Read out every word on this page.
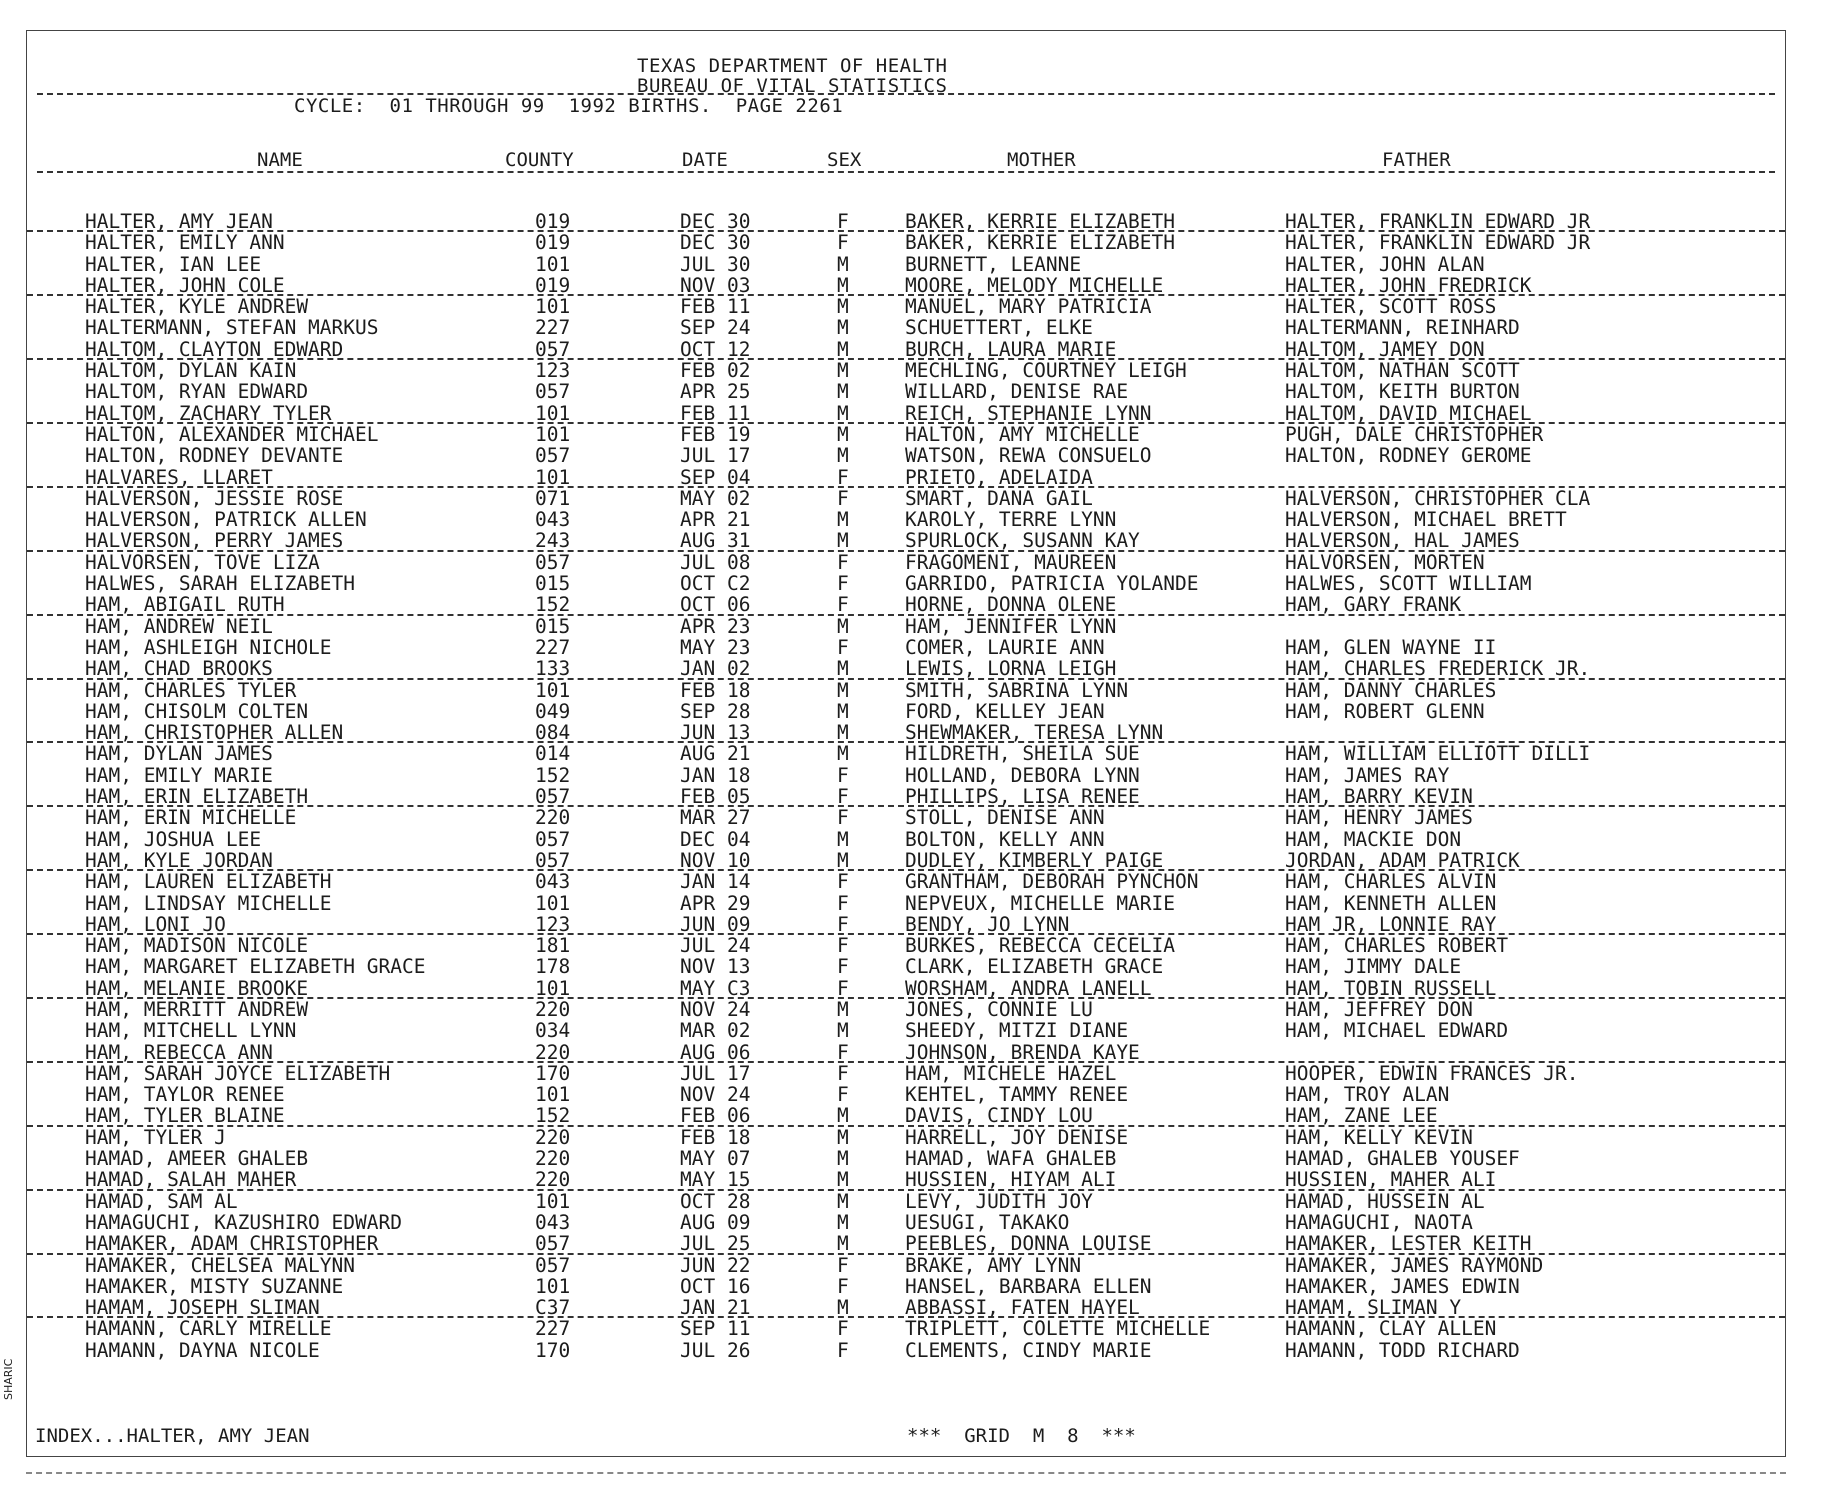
TEXAS DEPARTMENT OF HEALTH
BUREAU OF VITAL STATISTICS
CYCLE:  01 THROUGH 99  1992 BIRTHS.  PAGE 2261
NAME	COUNTY	DATE	SEX	MOTHER	FATHER
HALTER, AMY JEAN	019	DEC 30	F	BAKER, KERRIE ELIZABETH	HALTER, FRANKLIN EDWARD JR
HALTER, EMILY ANN	019	DEC 30	F	BAKER, KERRIE ELIZABETH	HALTER, FRANKLIN EDWARD JR
HALTER, IAN LEE	101	JUL 30	M	BURNETT, LEANNE	HALTER, JOHN ALAN
HALTER, JOHN COLE	019	NOV 03	M	MOORE, MELODY MICHELLE	HALTER, JOHN FREDRICK
HALTER, KYLE ANDREW	101	FEB 11	M	MANUEL, MARY PATRICIA	HALTER, SCOTT ROSS
HALTERMANN, STEFAN MARKUS	227	SEP 24	M	SCHUETTERT, ELKE	HALTERMANN, REINHARD
HALTOM, CLAYTON EDWARD	057	OCT 12	M	BURCH, LAURA MARIE	HALTOM, JAMEY DON
HALTOM, DYLAN KAIN	123	FEB 02	M	MECHLING, COURTNEY LEIGH	HALTOM, NATHAN SCOTT
HALTOM, RYAN EDWARD	057	APR 25	M	WILLARD, DENISE RAE	HALTOM, KEITH BURTON
HALTOM, ZACHARY TYLER	101	FEB 11	M	REICH, STEPHANIE LYNN	HALTOM, DAVID MICHAEL
HALTON, ALEXANDER MICHAEL	101	FEB 19	M	HALTON, AMY MICHELLE	PUGH, DALE CHRISTOPHER
HALTON, RODNEY DEVANTE	057	JUL 17	M	WATSON, REWA CONSUELO	HALTON, RODNEY GEROME
HALVARES, LLARET	101	SEP 04	F	PRIETO, ADELAIDA
HALVERSON, JESSIE ROSE	071	MAY 02	F	SMART, DANA GAIL	HALVERSON, CHRISTOPHER CLA
HALVERSON, PATRICK ALLEN	043	APR 21	M	KAROLY, TERRE LYNN	HALVERSON, MICHAEL BRETT
HALVERSON, PERRY JAMES	243	AUG 31	M	SPURLOCK, SUSANN KAY	HALVERSON, HAL JAMES
HALVORSEN, TOVE LIZA	057	JUL 08	F	FRAGOMENI, MAUREEN	HALVORSEN, MORTEN
HALWES, SARAH ELIZABETH	015	OCT C2	F	GARRIDO, PATRICIA YOLANDE	HALWES, SCOTT WILLIAM
HAM, ABIGAIL RUTH	152	OCT 06	F	HORNE, DONNA OLENE	HAM, GARY FRANK
HAM, ANDREW NEIL	015	APR 23	M	HAM, JENNIFER LYNN
HAM, ASHLEIGH NICHOLE	227	MAY 23	F	COMER, LAURIE ANN	HAM, GLEN WAYNE II
HAM, CHAD BROOKS	133	JAN 02	M	LEWIS, LORNA LEIGH	HAM, CHARLES FREDERICK JR.
HAM, CHARLES TYLER	101	FEB 18	M	SMITH, SABRINA LYNN	HAM, DANNY CHARLES
HAM, CHISOLM COLTEN	049	SEP 28	M	FORD, KELLEY JEAN	HAM, ROBERT GLENN
HAM, CHRISTOPHER ALLEN	084	JUN 13	M	SHEWMAKER, TERESA LYNN
HAM, DYLAN JAMES	014	AUG 21	M	HILDRETH, SHEILA SUE	HAM, WILLIAM ELLIOTT DILLI
HAM, EMILY MARIE	152	JAN 18	F	HOLLAND, DEBORA LYNN	HAM, JAMES RAY
HAM, ERIN ELIZABETH	057	FEB 05	F	PHILLIPS, LISA RENEE	HAM, BARRY KEVIN
HAM, ERIN MICHELLE	220	MAR 27	F	STOLL, DENISE ANN	HAM, HENRY JAMES
HAM, JOSHUA LEE	057	DEC 04	M	BOLTON, KELLY ANN	HAM, MACKIE DON
HAM, KYLE JORDAN	057	NOV 10	M	DUDLEY, KIMBERLY PAIGE	JORDAN, ADAM PATRICK
HAM, LAUREN ELIZABETH	043	JAN 14	F	GRANTHAM, DEBORAH PYNCHON	HAM, CHARLES ALVIN
HAM, LINDSAY MICHELLE	101	APR 29	F	NEPVEUX, MICHELLE MARIE	HAM, KENNETH ALLEN
HAM, LONI JO	123	JUN 09	F	BENDY, JO LYNN	HAM JR, LONNIE RAY
HAM, MADISON NICOLE	181	JUL 24	F	BURKES, REBECCA CECELIA	HAM, CHARLES ROBERT
HAM, MARGARET ELIZABETH GRACE	178	NOV 13	F	CLARK, ELIZABETH GRACE	HAM, JIMMY DALE
HAM, MELANIE BROOKE	101	MAY C3	F	WORSHAM, ANDRA LANELL	HAM, TOBIN RUSSELL
HAM, MERRITT ANDREW	220	NOV 24	M	JONES, CONNIE LU	HAM, JEFFREY DON
HAM, MITCHELL LYNN	034	MAR 02	M	SHEEDY, MITZI DIANE	HAM, MICHAEL EDWARD
HAM, REBECCA ANN	220	AUG 06	F	JOHNSON, BRENDA KAYE
HAM, SARAH JOYCE ELIZABETH	170	JUL 17	F	HAM, MICHELE HAZEL	HOOPER, EDWIN FRANCES JR.
HAM, TAYLOR RENEE	101	NOV 24	F	KEHTEL, TAMMY RENEE	HAM, TROY ALAN
HAM, TYLER BLAINE	152	FEB 06	M	DAVIS, CINDY LOU	HAM, ZANE LEE
HAM, TYLER J	220	FEB 18	M	HARRELL, JOY DENISE	HAM, KELLY KEVIN
HAMAD, AMEER GHALEB	220	MAY 07	M	HAMAD, WAFA GHALEB	HAMAD, GHALEB YOUSEF
HAMAD, SALAH MAHER	220	MAY 15	M	HUSSIEN, HIYAM ALI	HUSSIEN, MAHER ALI
HAMAD, SAM AL	101	OCT 28	M	LEVY, JUDITH JOY	HAMAD, HUSSEIN AL
HAMAGUCHI, KAZUSHIRO EDWARD	043	AUG 09	M	UESUGI, TAKAKO	HAMAGUCHI, NAOTA
HAMAKER, ADAM CHRISTOPHER	057	JUL 25	M	PEEBLES, DONNA LOUISE	HAMAKER, LESTER KEITH
HAMAKER, CHELSEA MALYNN	057	JUN 22	F	BRAKE, AMY LYNN	HAMAKER, JAMES RAYMOND
HAMAKER, MISTY SUZANNE	101	OCT 16	F	HANSEL, BARBARA ELLEN	HAMAKER, JAMES EDWIN
HAMAM, JOSEPH SLIMAN	C37	JAN 21	M	ABBASSI, FATEN HAYEL	HAMAM, SLIMAN Y
HAMANN, CARLY MIRELLE	227	SEP 11	F	TRIPLETT, COLETTE MICHELLE	HAMANN, CLAY ALLEN
HAMANN, DAYNA NICOLE	170	JUL 26	F	CLEMENTS, CINDY MARIE	HAMANN, TODD RICHARD
INDEX...HALTER, AMY JEAN	***  GRID  M  8  ***
SHARIC
